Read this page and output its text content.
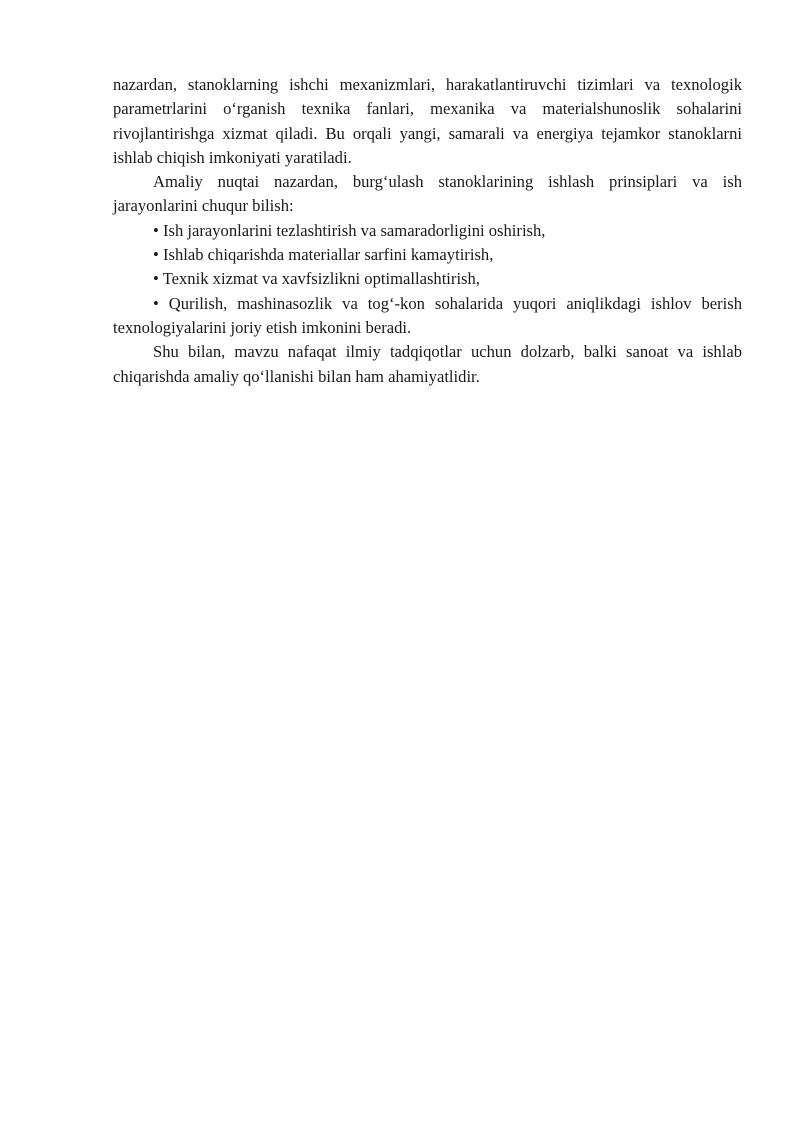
nazardan, stanoklarning ishchi mexanizmlari, harakatlantiruvchi tizimlari va texnologik parametrlarini o‘rganish texnika fanlari, mexanika va materialshunoslik sohalarini rivojlantirishga xizmat qiladi. Bu orqali yangi, samarali va energiya tejamkor stanoklarni ishlab chiqish imkoniyati yaratiladi.

Amaliy nuqtai nazardan, burg‘ulash stanoklarining ishlash prinsiplari va ish jarayonlarini chuqur bilish:

• Ish jarayonlarini tezlashtirish va samaradorligini oshirish,
• Ishlab chiqarishda materiallar sarfini kamaytirish,
• Texnik xizmat va xavfsizlikni optimallashtirish,
• Qurilish, mashinasozlik va tog‘-kon sohalarida yuqori aniqlikdagi ishlov berish texnologiyalarini joriy etish imkonini beradi.

Shu bilan, mavzu nafaqat ilmiy tadqiqotlar uchun dolzarb, balki sanoat va ishlab chiqarishda amaliy qo‘llanishi bilan ham ahamiyatlidir.
